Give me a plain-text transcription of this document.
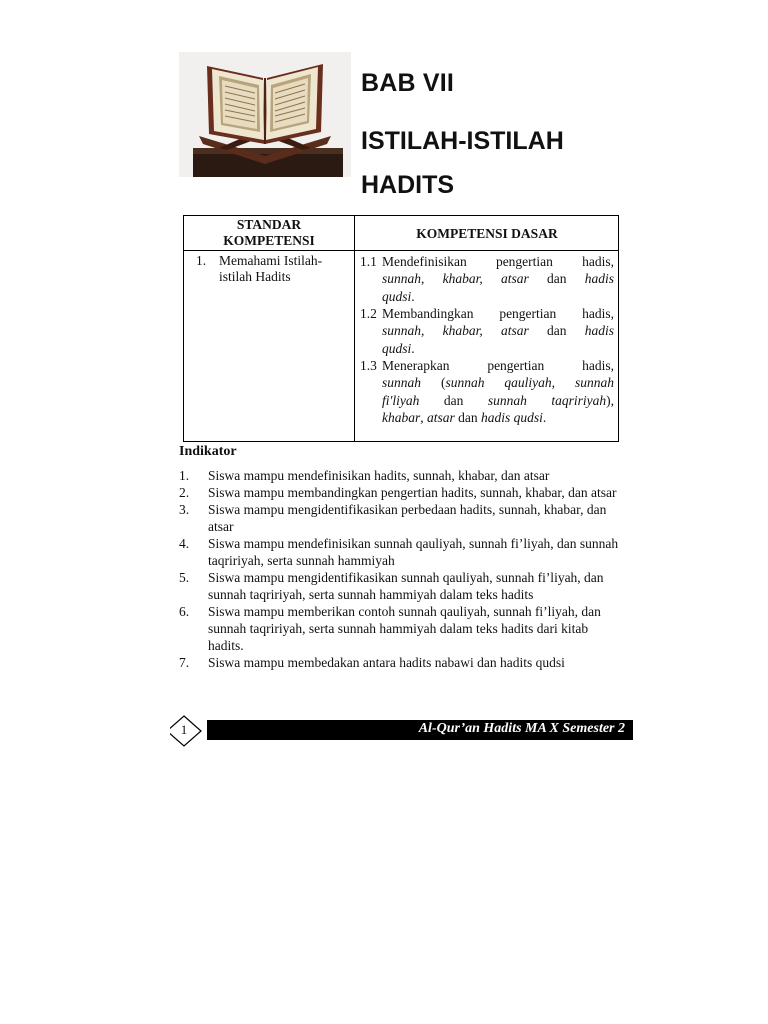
BAB VII
ISTILAH-ISTILAH
HADITS
STANDAR
KOMPETENSI	KOMPETENSI DASAR
1. Memahami Istilah-
istilah Hadits
1.1 Mendefinisikan pengertian hadis,
sunnah, khabar, atsar dan hadis
qudsi.
1.2 Membandingkan pengertian hadis,
sunnah, khabar, atsar dan hadis
qudsi.
1.3 Menerapkan	pengertian	hadis,
sunnah (sunnah qauliyah, sunnah
fi'liyah dan sunnah taqririyah),
khabar, atsar dan hadis qudsi.
Indikator
1. Siswa mampu mendefinisikan hadits, sunnah, khabar, dan atsar
2. Siswa mampu membandingkan pengertian hadits, sunnah, khabar, dan atsar
3. Siswa mampu mengidentifikasikan perbedaan hadits, sunnah, khabar, dan atsar
4. Siswa mampu mendefinisikan sunnah qauliyah, sunnah fi’liyah, dan sunnah taqririyah, serta sunnah hammiyah
5. Siswa mampu mengidentifikasikan sunnah qauliyah, sunnah fi’liyah, dan sunnah taqririyah, serta sunnah hammiyah dalam teks hadits
6. Siswa mampu memberikan contoh sunnah qauliyah, sunnah fi’liyah, dan sunnah taqririyah, serta sunnah hammiyah dalam teks hadits dari kitab hadits.
7. Siswa mampu membedakan antara hadits nabawi dan hadits qudsi
Al-Qur’an Hadits MA X Semester 2
1
